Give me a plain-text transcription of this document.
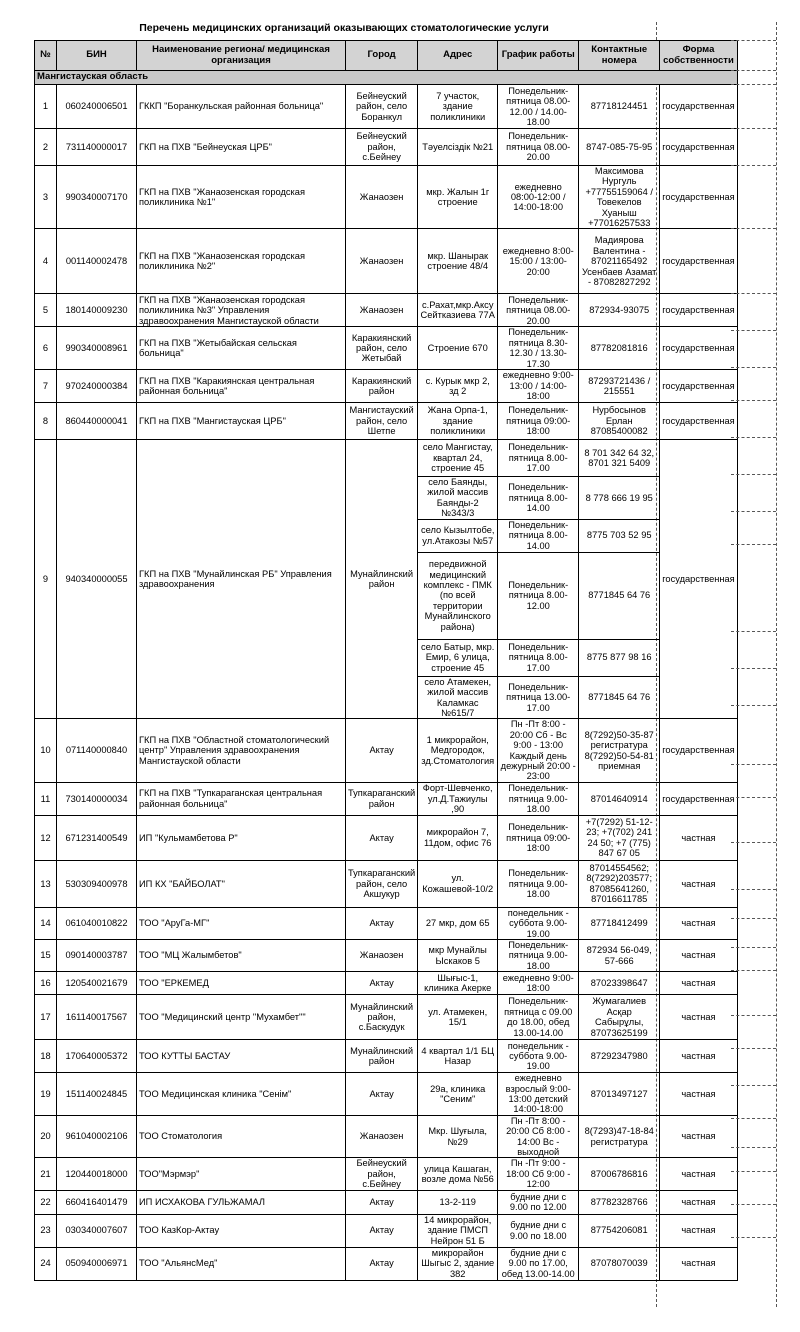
Перечень медицинских организаций оказывающих стоматологические услуги
№	БИН	Наименование региона/ медицинская организация	Город	Адрес	График работы	Контактные номера	Форма собственности
Мангистауская область							
1	060240006501	ГККП "Боранкульская районная больница"	Бейнеуский район, село Боранкул	7 участок, здание поликлиники	Понедельник-пятница 08.00-12.00 / 14.00-18.00	87718124451	государственная
2	731140000017	ГКП на ПХВ "Бейнеуская ЦРБ"	Бейнеуский район, с.Бейнеу	Тәуелсіздік №21	Понедельник-пятница 08.00-20.00	8747-085-75-95	государственная
3	990340007170	ГКП на ПХВ "Жанаозенская городская поликлиника №1"	Жанаозен	мкр. Жалын 1г строение	ежедневно 08:00-12:00 / 14:00-18:00	Максимова Нургуль +77755159064 / Товекелов Хуаныш +77016257533	государственная
4	001140002478	ГКП на ПХВ "Жанаозенская городская поликлиника №2"	Жанаозен	мкр. Шанырак строение 48/4	ежедневно 8:00-15:00 / 13:00-20:00	Мадиярова Валентина - 87021165492 Усенбаев Азамат - 87082827292	государственная
5	180140009230	ГКП на ПХВ "Жанаозенская городская поликлиника №3" Управления здравоохранения Мангистауской области	Жанаозен	с.Рахат,мкр.Аксу Сейтказиева 77А	Понедельник-пятница 08.00-20.00	872934-93075	государственная
6	990340008961	ГКП на ПХВ "Жетыбайская сельская больница"	Каракиянский район, село Жетыбай	Строение 670	Понедельник-пятница 8.30-12.30 / 13.30-17.30	87782081816	государственная
7	970240000384	ГКП на ПХВ "Каракиянская центральная районная больница"	Каракиянский район	с. Курык мкр 2, зд 2	ежедневно 9:00-13:00 / 14:00-18:00	87293721436 / 215551	государственная
8	860440000041	ГКП на ПХВ "Мангистауская ЦРБ"	Мангистауский район, село Шетпе	Жана Орпа-1, здание поликлиники	Понедельник-пятница 09:00-18:00	Нурбосынов Ерлан 87085400082	государственная
9	940340000055	ГКП на ПХВ "Мунайлинская РБ" Управления здравоохранения	Мунайлинский район	село Мангистау, квартал 24, строение 45	Понедельник-пятница 8.00-17.00	8 701 342 64 32, 8701 321 5409	государственная
				село Баянды, жилой массив Баянды-2 №343/3	Понедельник-пятница 8.00-14.00	8 778 666 19 95	
				село Кызылтобе, ул.Атакозы №57	Понедельник-пятница 8.00-14.00	8775 703 52 95	
				передвижной медицинский комплекс - ПМК (по всей территории Мунайлинского района)	Понедельник-пятница 8.00-12.00	8771845 64 76	
				село Батыр, мкр. Емир, 6 улица, строение 45	Понедельник-пятница 8.00-17.00	8775 877 98 16	
				село Атамекен, жилой массив Каламкас №615/7	Понедельник-пятница 13.00-17.00	8771845 64 76	
10	071140000840	ГКП на ПХВ "Областной стоматологический центр" Управления здравоохранения Мангистауской области	Актау	1 микрорайон, Медгородок, зд.Стоматология	Пн -Пт 8:00 - 20:00 Сб - Вс 9:00 - 13:00 Каждый день дежурный 20:00 - 23:00	8(7292)50-35-87 регистратура 8(7292)50-54-81 приемная	государственная
11	730140000034	ГКП на ПХВ "Тупкараганская центральная районная больница"	Тупкараганский район	Форт-Шевченко, ул.Д.Тажиулы ,90	Понедельник-пятница 9.00-18.00	87014640914	государственная
12	671231400549	ИП "Кульмамбетова Р"	Актау	микрорайон 7, 11дом, офис 76	Понедельник-пятница 09:00-18:00	+7(7292) 51-12-23; +7(702) 241 24 50; +7 (775) 847 67 05	частная
13	530309400978	ИП КХ "БАЙБОЛАТ"	Тупкараганский район, село Акшукур	ул. Кожашевой-10/2	Понедельник-пятница 9.00-18.00	87014554562; 8(7292)203577; 87085641260, 87016611785	частная
14	061040010822	ТОО "АруГа-МГ"	Актау	27 мкр, дом 65	понедельник - суббота 9.00-19.00	87718412499	частная
15	090140003787	ТОО "МЦ Жалымбетов"	Жанаозен	мкр Мунайлы Ыскаков 5	Понедельник-пятница 9.00-18.00	872934 56-049, 57-666	частная
16	120540021679	ТОО "ЕРКЕМЕД	Актау	Шығыс-1, клиника Акерке	ежедневно 9:00-18:00	87023398647	частная
17	161140017567	ТОО "Медицинский центр "Мухамбет""	Мунайлинский район, с.Баскудук	ул. Атамекен, 15/1	Понедельник-пятница с 09.00 до 18.00, обед 13.00-14.00	Жумагалиев Асқар Сабырұлы, 87073625199	частная
18	170640005372	ТОО КУТТЫ БАСТАУ	Мунайлинский район	4 квартал 1/1 БЦ Назар	понедельник - суббота 9.00-19.00	87292347980	частная
19	151140024845	ТОО Медицинская клиника "Сенім"	Актау	29а, клиника "Сеним"	ежедневно взрослый 9:00-13:00 детский 14:00-18:00	87013497127	частная
20	961040002106	ТОО Стоматология	Жанаозен	Мкр. Шуғыла, №29	Пн -Пт 8:00 - 20:00 Сб 8:00 - 14:00 Вс - выходной	8(7293)47-18-84 регистратура	частная
21	120440018000	ТОО"Мэрмэр"	Бейнеуский район, с.Бейнеу	улица Кашаган, возле дома №56	Пн -Пт 9:00 - 18:00 Сб 9:00 - 12:00	87006786816	частная
22	660416401479	ИП ИСХАКОВА ГУЛЬЖАМАЛ	Актау	13-2-119	будние дни с 9.00 по 12.00	87782328766	частная
23	030340007607	ТОО КазКор-Актау	Актау	14 микрорайон, здание ПМСП Нейрон 51 Б	будние дни с 9.00 по 18.00	87754206081	частная
24	050940006971	ТОО "АльянсМед"	Актау	микрорайон Шыгыс 2, здание 382	будние дни с 9.00 по 17.00, обед 13.00-14.00	87078070039	частная
